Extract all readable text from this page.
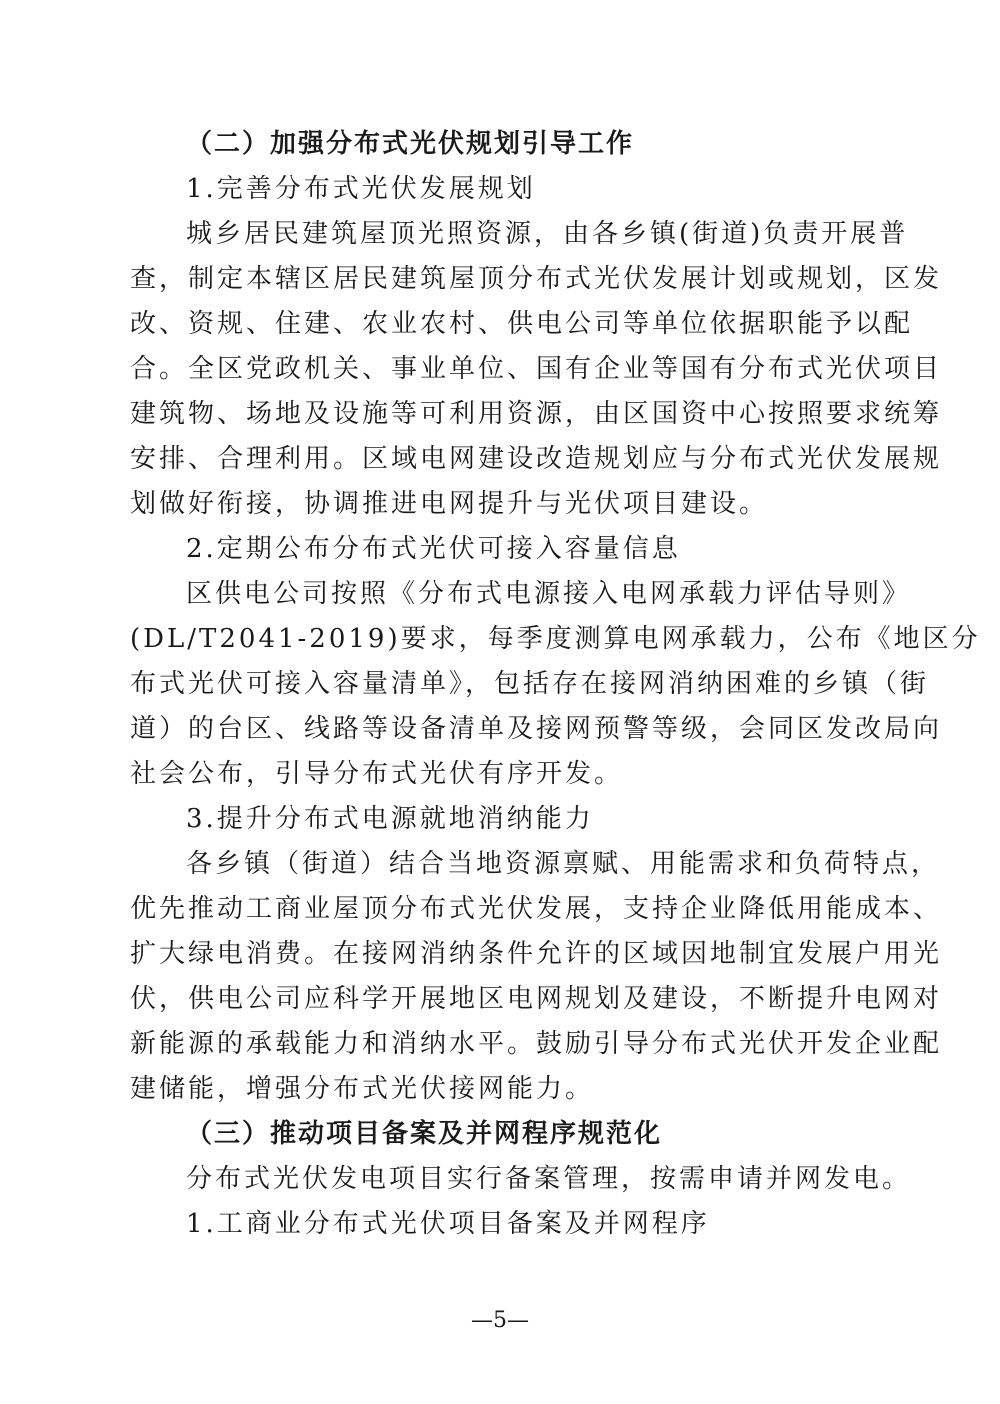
（二）加强分布式光伏规划引导工作
1.完善分布式光伏发展规划
城乡居民建筑屋顶光照资源，由各乡镇(街道)负责开展普
查，制定本辖区居民建筑屋顶分布式光伏发展计划或规划，区发
改、资规、住建、农业农村、供电公司等单位依据职能予以配
合。全区党政机关、事业单位、国有企业等国有分布式光伏项目
建筑物、场地及设施等可利用资源，由区国资中心按照要求统筹
安排、合理利用。区域电网建设改造规划应与分布式光伏发展规
划做好衔接，协调推进电网提升与光伏项目建设。
2.定期公布分布式光伏可接入容量信息
区供电公司按照《分布式电源接入电网承载力评估导则》
(DL/T2041-2019)要求，每季度测算电网承载力，公布《地区分
布式光伏可接入容量清单》，包括存在接网消纳困难的乡镇（街
道）的台区、线路等设备清单及接网预警等级，会同区发改局向
社会公布，引导分布式光伏有序开发。
3.提升分布式电源就地消纳能力
各乡镇（街道）结合当地资源禀赋、用能需求和负荷特点，
优先推动工商业屋顶分布式光伏发展，支持企业降低用能成本、
扩大绿电消费。在接网消纳条件允许的区域因地制宜发展户用光
伏，供电公司应科学开展地区电网规划及建设，不断提升电网对
新能源的承载能力和消纳水平。鼓励引导分布式光伏开发企业配
建储能，增强分布式光伏接网能力。
（三）推动项目备案及并网程序规范化
分布式光伏发电项目实行备案管理，按需申请并网发电。
1.工商业分布式光伏项目备案及并网程序
—5—
